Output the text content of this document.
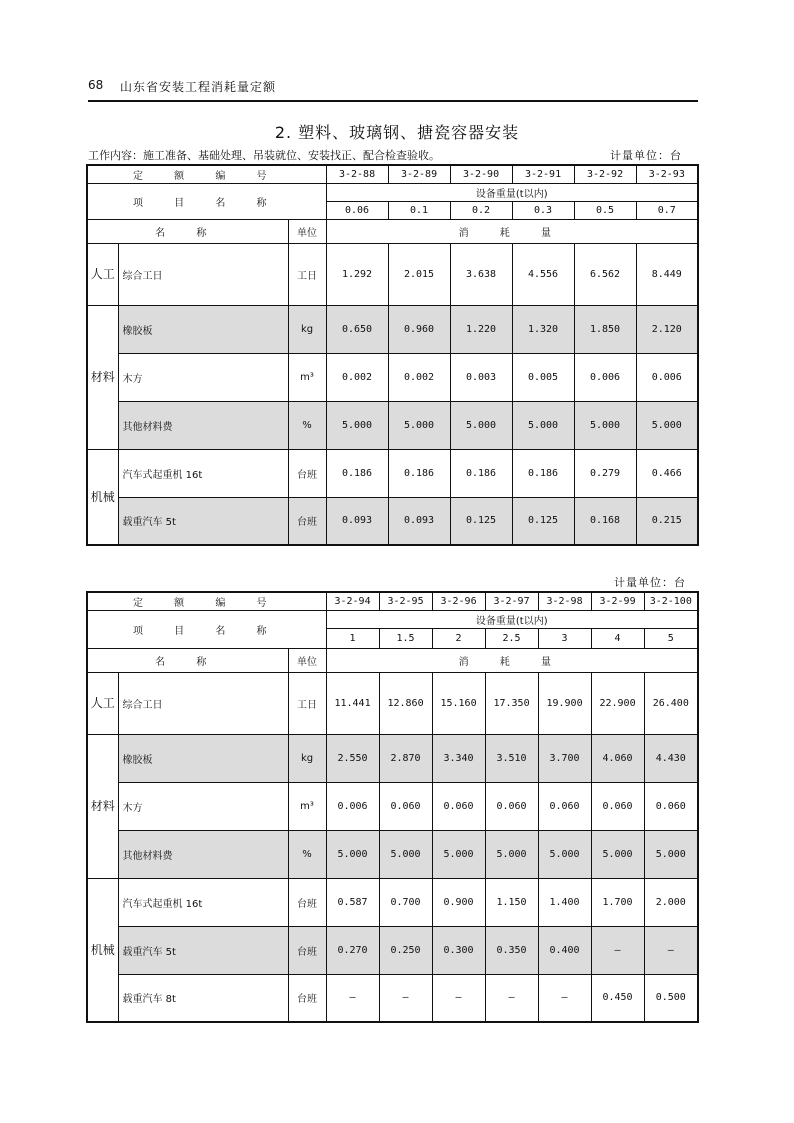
68 山东省安装工程消耗量定额
2. 塑料、玻璃钢、搪瓷容器安装
工作内容：施工准备、基础处理、吊装就位、安装找正、配合检查验收。	计量单位：台
定 额 编 号			3-2-88	3-2-89	3-2-90	3-2-91	3-2-92	3-2-93
项 目 名 称			设备重量(t以内)					
			0.06	0.1	0.2	0.3	0.5	0.7
名 称		单位	消 耗 量					
人工	综合工日	工日	1.292	2.015	3.638	4.556	6.562	8.449
材料	橡胶板	kg	0.650	0.960	1.220	1.320	1.850	2.120
	木方	m³	0.002	0.002	0.003	0.005	0.006	0.006
	其他材料费	%	5.000	5.000	5.000	5.000	5.000	5.000
机械	汽车式起重机 16t	台班	0.186	0.186	0.186	0.186	0.279	0.466
	载重汽车 5t	台班	0.093	0.093	0.125	0.125	0.168	0.215
计量单位：台
定 额 编 号			3-2-94	3-2-95	3-2-96	3-2-97	3-2-98	3-2-99	3-2-100
项 目 名 称			设备重量(t以内)						
			1	1.5	2	2.5	3	4	5
名 称		单位	消 耗 量						
人工	综合工日	工日	11.441	12.860	15.160	17.350	19.900	22.900	26.400
材料	橡胶板	kg	2.550	2.870	3.340	3.510	3.700	4.060	4.430
	木方	m³	0.006	0.060	0.060	0.060	0.060	0.060	0.060
	其他材料费	%	5.000	5.000	5.000	5.000	5.000	5.000	5.000
机械	汽车式起重机 16t	台班	0.587	0.700	0.900	1.150	1.400	1.700	2.000
	载重汽车 5t	台班	0.270	0.250	0.300	0.350	0.400	—	—
	载重汽车 8t	台班	—	—	—	—	—	0.450	0.500
